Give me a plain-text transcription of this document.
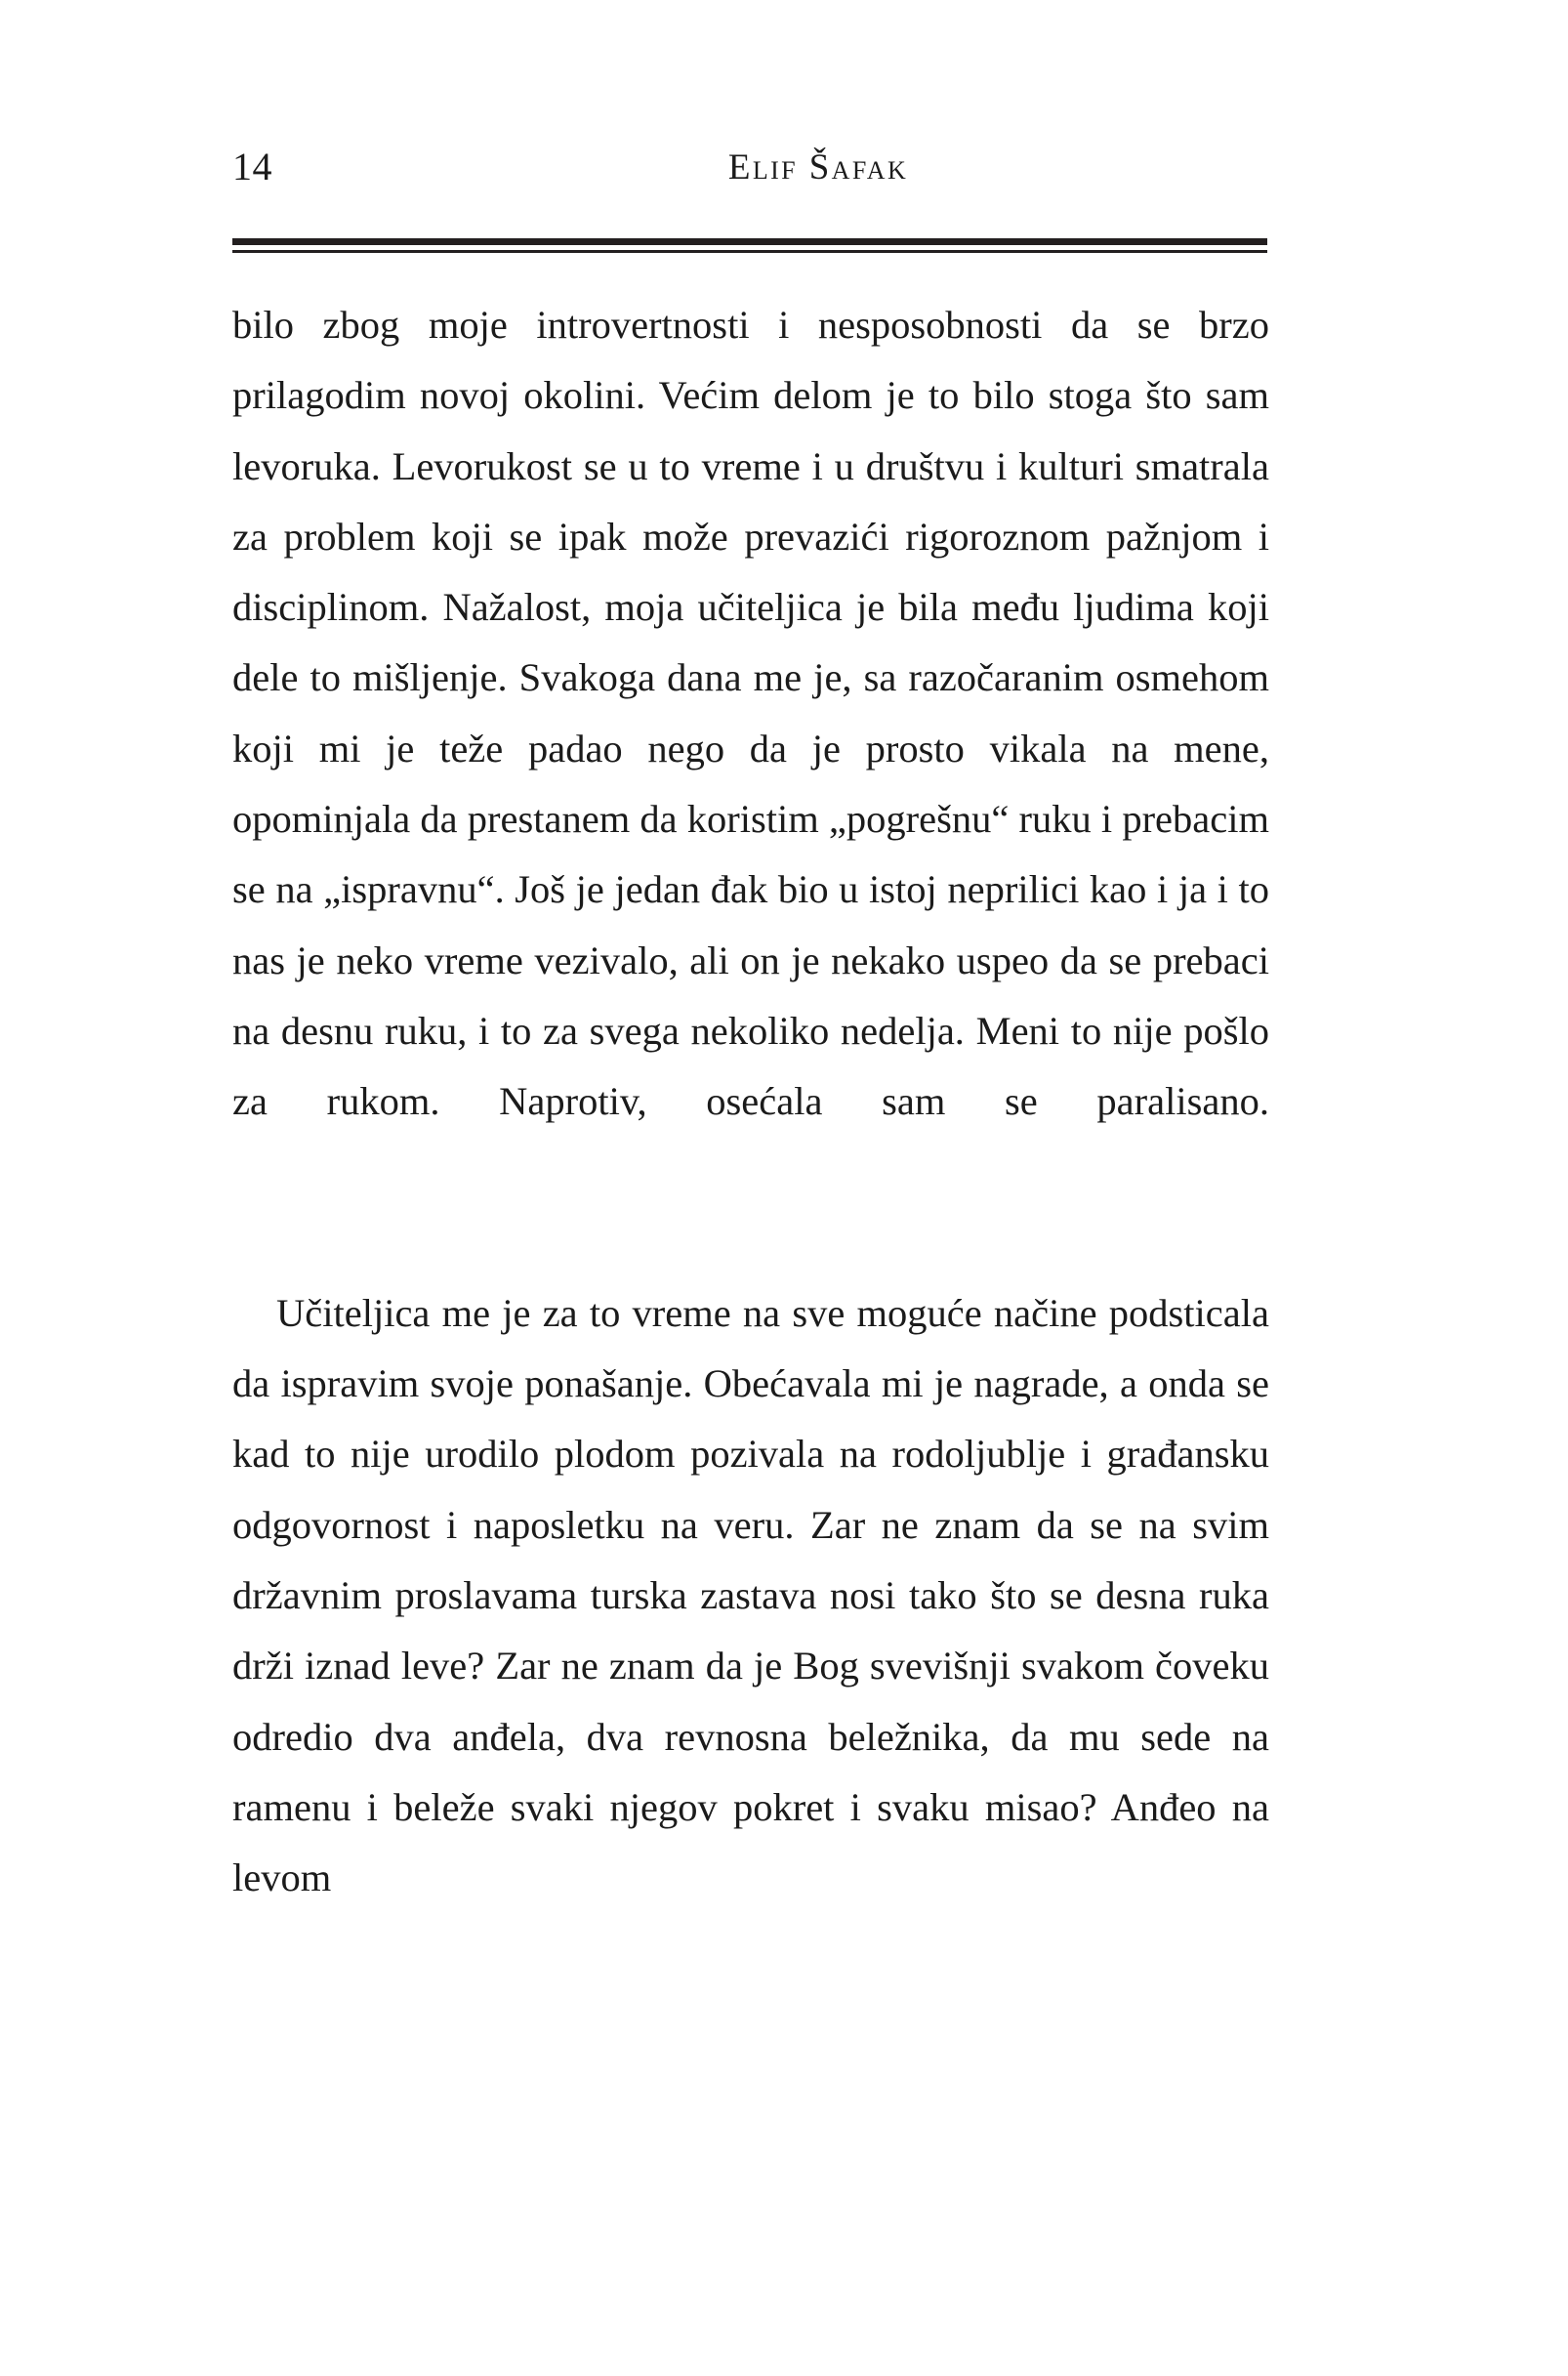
14	Elif Šafak

bilo zbog moje introvertnosti i nesposobnosti da se brzo prilagodim novoj okolini. Većim delom je to bilo stoga što sam levoruka. Levorukost se u to vreme i u društvu i kulturi smatrala za problem koji se ipak može prevazići rigoroznom pažnjom i disciplinom. Nažalost, moja učiteljica je bila među ljudima koji dele to mišljenje. Svakoga dana me je, sa razočaranim osmehom koji mi je teže padao nego da je prosto vikala na mene, opominjala da prestanem da koristim „pogrešnu“ ruku i prebacim se na „ispravnu“. Još je jedan đak bio u istoj neprilici kao i ja i to nas je neko vreme vezivalo, ali on je nekako uspeo da se prebaci na desnu ruku, i to za svega nekoliko nedelja. Meni to nije pošlo za rukom. Naprotiv, osećala sam se paralisano.

Učiteljica me je za to vreme na sve moguće načine podsticala da ispravim svoje ponašanje. Obećavala mi je nagrade, a onda se kad to nije urodilo plodom pozivala na rodoljublje i građansku odgovornost i naposletku na veru. Zar ne znam da se na svim državnim proslavama turska zastava nosi tako što se desna ruka drži iznad leve? Zar ne znam da je Bog svevišnji svakom čoveku odredio dva anđela, dva revnosna beležnika, da mu sede na ramenu i beleže svaki njegov pokret i svaku misao? Anđeo na levom
